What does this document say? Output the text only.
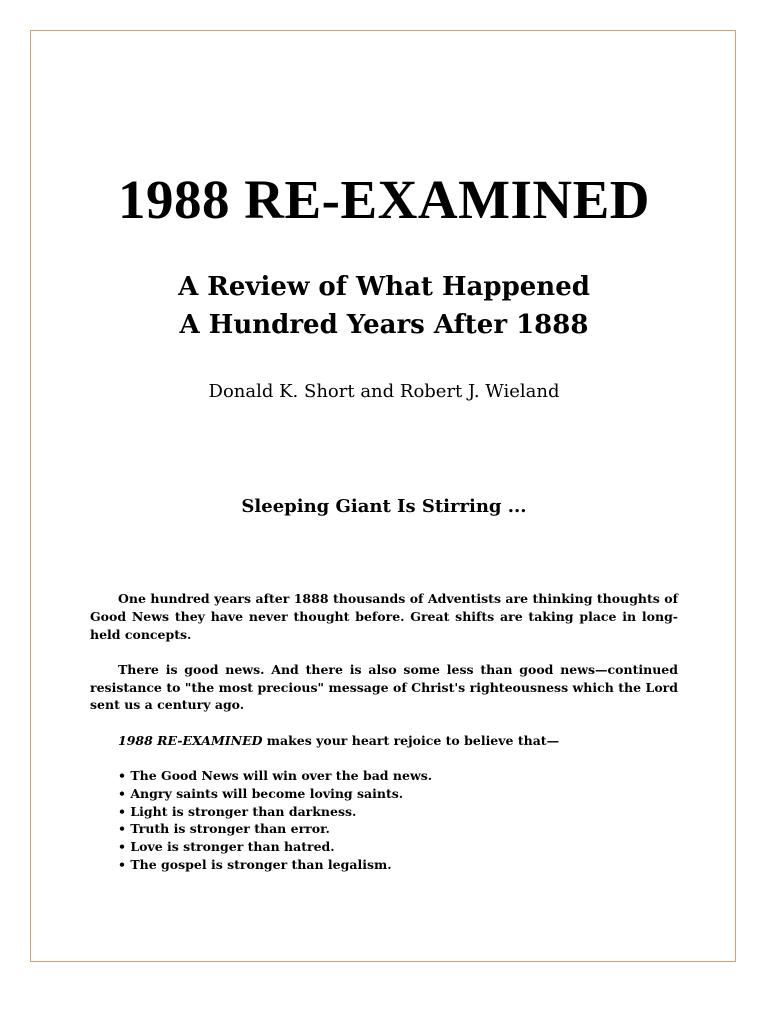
1988 RE-EXAMINED
A Review of What Happened
A Hundred Years After 1888
Donald K. Short and Robert J. Wieland
Sleeping Giant Is Stirring ...

One hundred years after 1888 thousands of Adventists are thinking thoughts of Good News they have never thought before. Great shifts are taking place in long-held concepts.

There is good news. And there is also some less than good news—continued resistance to "the most precious" message of Christ's righteousness which the Lord sent us a century ago.

1988 RE-EXAMINED makes your heart rejoice to believe that—

• The Good News will win over the bad news.
• Angry saints will become loving saints.
• Light is stronger than darkness.
• Truth is stronger than error.
• Love is stronger than hatred.
• The gospel is stronger than legalism.
